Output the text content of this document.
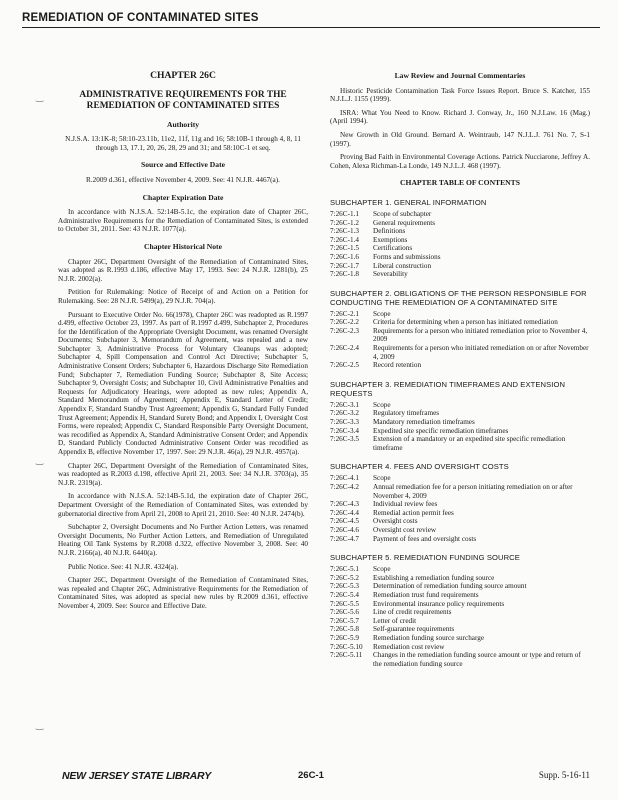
REMEDIATION OF CONTAMINATED SITES
‿
‿
‿
CHAPTER 26C
ADMINISTRATIVE REQUIREMENTS FOR THE REMEDIATION OF CONTAMINATED SITES
Authority
N.J.S.A. 13:1K-8; 58:10-23.11b, 11e2, 11f, 11g and 16; 58:10B-1 through 4, 8, 11 through 13, 17.1, 20, 26, 28, 29 and 31; and 58:10C-1 et seq.
Source and Effective Date
R.2009 d.361, effective November 4, 2009. See: 41 N.J.R. 4467(a).
Chapter Expiration Date
In accordance with N.J.S.A. 52:14B-5.1c, the expiration date of Chapter 26C, Administrative Requirements for the Remediation of Contaminated Sites, is extended to October 31, 2011. See: 43 N.J.R. 1077(a).
Chapter Historical Note
Chapter 26C, Department Oversight of the Remediation of Contaminated Sites, was adopted as R.1993 d.186, effective May 17, 1993. See: 24 N.J.R. 1281(b), 25 N.J.R. 2002(a).
Petition for Rulemaking: Notice of Receipt of and Action on a Petition for Rulemaking. See: 28 N.J.R. 5499(a), 29 N.J.R. 704(a).
Pursuant to Executive Order No. 66(1978), Chapter 26C was readopted as R.1997 d.499, effective October 23, 1997. As part of R.1997 d.499, Subchapter 2, Procedures for the Identification of the Appropriate Oversight Document, was renamed Oversight Documents; Subchapter 3, Memorandum of Agreement, was repealed and a new Subchapter 3, Administrative Process for Voluntary Cleanups was adopted; Subchapter 4, Spill Compensation and Control Act Directive; Subchapter 5, Administrative Consent Orders; Subchapter 6, Hazardous Discharge Site Remediation Fund; Subchapter 7, Remediation Funding Source; Subchapter 8, Site Access; Subchapter 9, Oversight Costs; and Subchapter 10, Civil Administrative Penalties and Requests for Adjudicatory Hearings, were adopted as new rules; Appendix A, Standard Memorandum of Agreement; Appendix E, Standard Letter of Credit; Appendix F, Standard Standby Trust Agreement; Appendix G, Standard Fully Funded Trust Agreement; Appendix H, Standard Surety Bond; and Appendix I, Oversight Cost Forms, were repealed; Appendix C, Standard Responsible Party Oversight Document, was recodified as Appendix A, Standard Administrative Consent Order; and Appendix D, Standard Publicly Conducted Administrative Consent Order was recodified as Appendix B, effective November 17, 1997. See: 29 N.J.R. 46(a), 29 N.J.R. 4957(a).
Chapter 26C, Department Oversight of the Remediation of Contaminated Sites, was readopted as R.2003 d.198, effective April 21, 2003. See: 34 N.J.R. 3703(a), 35 N.J.R. 2319(a).
In accordance with N.J.S.A. 52:14B-5.1d, the expiration date of Chapter 26C, Department Oversight of the Remediation of Contaminated Sites, was extended by gubernatorial directive from April 21, 2008 to April 21, 2010. See: 40 N.J.R. 2474(b).
Subchapter 2, Oversight Documents and No Further Action Letters, was renamed Oversight Documents, No Further Action Letters, and Remediation of Unregulated Heating Oil Tank Systems by R.2008 d.322, effective November 3, 2008. See: 40 N.J.R. 2166(a), 40 N.J.R. 6440(a).
Public Notice. See: 41 N.J.R. 4324(a).
Chapter 26C, Department Oversight of the Remediation of Contaminated Sites, was repealed and Chapter 26C, Administrative Requirements for the Remediation of Contaminated Sites, was adopted as special new rules by R.2009 d.361, effective November 4, 2009. See: Source and Effective Date.
Law Review and Journal Commentaries
Historic Pesticide Contamination Task Force Issues Report. Bruce S. Katcher, 155 N.J.L.J. 1155 (1999).
ISRA: What You Need to Know. Richard J. Conway, Jr., 160 N.J.Law. 16 (Mag.) (April 1994).
New Growth in Old Ground. Bernard A. Weintraub, 147 N.J.L.J. 761 No. 7, S-1 (1997).
Proving Bad Faith in Environmental Coverage Actions. Patrick Nucciarone, Jeffrey A. Cohen, Alexa Richman-La Londe, 149 N.J.L.J. 468 (1997).
CHAPTER TABLE OF CONTENTS
SUBCHAPTER 1. GENERAL INFORMATION
7:26C-1.1	Scope of subchapter
7:26C-1.2	General requirements
7:26C-1.3	Definitions
7:26C-1.4	Exemptions
7:26C-1.5	Certifications
7:26C-1.6	Forms and submissions
7:26C-1.7	Liberal construction
7:26C-1.8	Severability
SUBCHAPTER 2. OBLIGATIONS OF THE PERSON RESPONSIBLE FOR CONDUCTING THE REMEDIATION OF A CONTAMINATED SITE
7:26C-2.1	Scope
7:26C-2.2	Criteria for determining when a person has initiated remediation
7:26C-2.3	Requirements for a person who initiated remediation prior to November 4, 2009
7:26C-2.4	Requirements for a person who initiated remediation on or after November 4, 2009
7:26C-2.5	Record retention
SUBCHAPTER 3. REMEDIATION TIMEFRAMES AND EXTENSION REQUESTS
7:26C-3.1	Scope
7:26C-3.2	Regulatory timeframes
7:26C-3.3	Mandatory remediation timeframes
7:26C-3.4	Expedited site specific remediation timeframes
7:26C-3.5	Extension of a mandatory or an expedited site specific remediation timeframe
SUBCHAPTER 4. FEES AND OVERSIGHT COSTS
7:26C-4.1	Scope
7:26C-4.2	Annual remediation fee for a person initiating remediation on or after November 4, 2009
7:26C-4.3	Individual review fees
7:26C-4.4	Remedial action permit fees
7:26C-4.5	Oversight costs
7:26C-4.6	Oversight cost review
7:26C-4.7	Payment of fees and oversight costs
SUBCHAPTER 5. REMEDIATION FUNDING SOURCE
7:26C-5.1	Scope
7:26C-5.2	Establishing a remediation funding source
7:26C-5.3	Determination of remediation funding source amount
7:26C-5.4	Remediation trust fund requirements
7:26C-5.5	Environmental insurance policy requirements
7:26C-5.6	Line of credit requirements
7:26C-5.7	Letter of credit
7:26C-5.8	Self-guarantee requirements
7:26C-5.9	Remediation funding source surcharge
7:26C-5.10	Remediation cost review
7:26C-5.11	Changes in the remediation funding source amount or type and return of the remediation funding source
NEW JERSEY STATE LIBRARY	26C-1	Supp. 5-16-11
